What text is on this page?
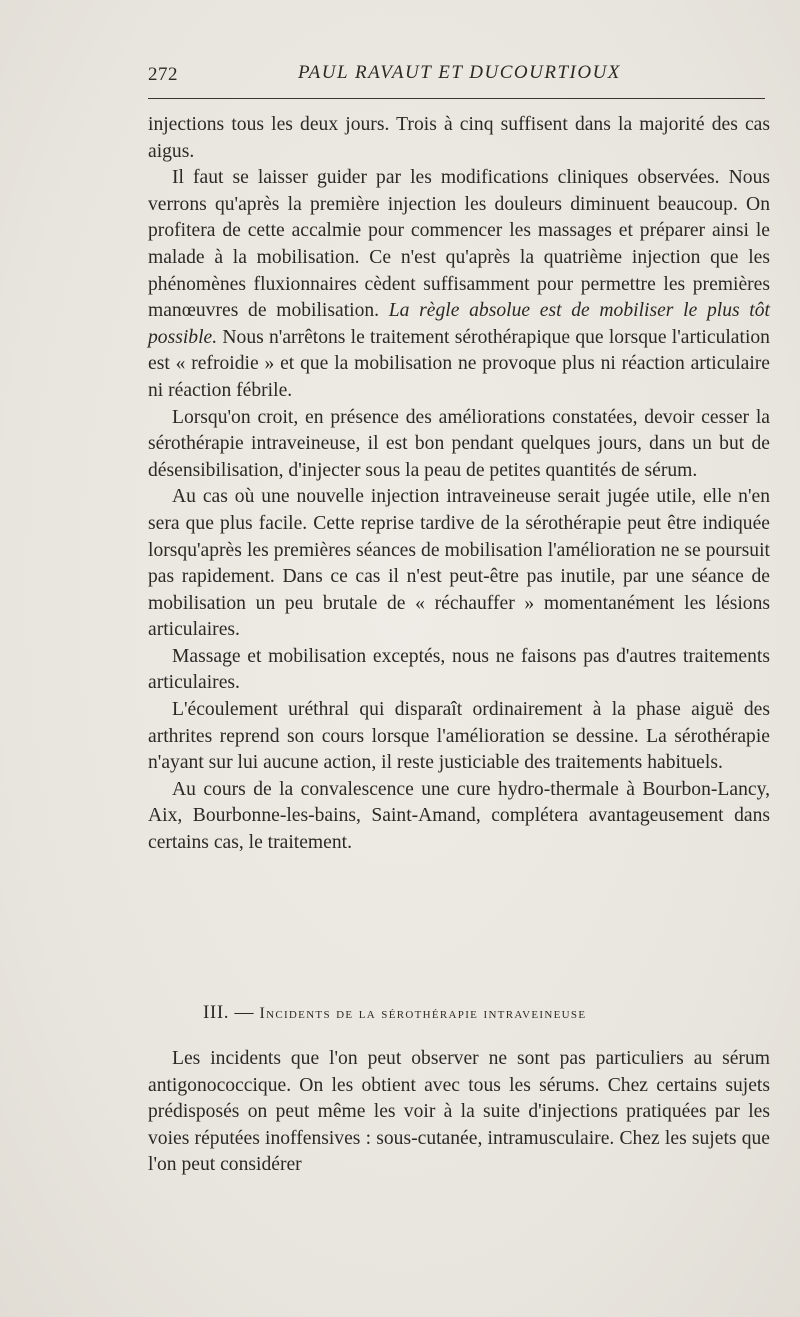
272	PAUL RAVAUT ET DUCOURTIOUX

injections tous les deux jours. Trois à cinq suffisent dans la majorité des cas aigus.

Il faut se laisser guider par les modifications cliniques observées. Nous verrons qu'après la première injection les douleurs diminuent beaucoup. On profitera de cette accalmie pour commencer les massages et préparer ainsi le malade à la mobilisation. Ce n'est qu'après la quatrième injection que les phénomènes fluxionnaires cèdent suffisamment pour permettre les premières manœuvres de mobilisation. La règle absolue est de mobiliser le plus tôt possible. Nous n'arrêtons le traitement sérothérapique que lorsque l'articulation est « refroidie » et que la mobilisation ne provoque plus ni réaction articulaire ni réaction fébrile.

Lorsqu'on croit, en présence des améliorations constatées, devoir cesser la sérothérapie intraveineuse, il est bon pendant quelques jours, dans un but de désensibilisation, d'injecter sous la peau de petites quantités de sérum.

Au cas où une nouvelle injection intraveineuse serait jugée utile, elle n'en sera que plus facile. Cette reprise tardive de la sérothérapie peut être indiquée lorsqu'après les premières séances de mobilisation l'amélioration ne se poursuit pas rapidement. Dans ce cas il n'est peut-être pas inutile, par une séance de mobilisation un peu brutale de « réchauffer » momentanément les lésions articulaires.

Massage et mobilisation exceptés, nous ne faisons pas d'autres traitements articulaires.

L'écoulement uréthral qui disparaît ordinairement à la phase aiguë des arthrites reprend son cours lorsque l'amélioration se dessine. La sérothérapie n'ayant sur lui aucune action, il reste justiciable des traitements habituels.

Au cours de la convalescence une cure hydro-thermale à Bourbon-Lancy, Aix, Bourbonne-les-bains, Saint-Amand, complétera avantageusement dans certains cas, le traitement.

III. — Incidents de la sérothérapie intraveineuse

Les incidents que l'on peut observer ne sont pas particuliers au sérum antigonococcique. On les obtient avec tous les sérums. Chez certains sujets prédisposés on peut même les voir à la suite d'injections pratiquées par les voies réputées inoffensives : sous-cutanée, intramusculaire. Chez les sujets que l'on peut considérer
